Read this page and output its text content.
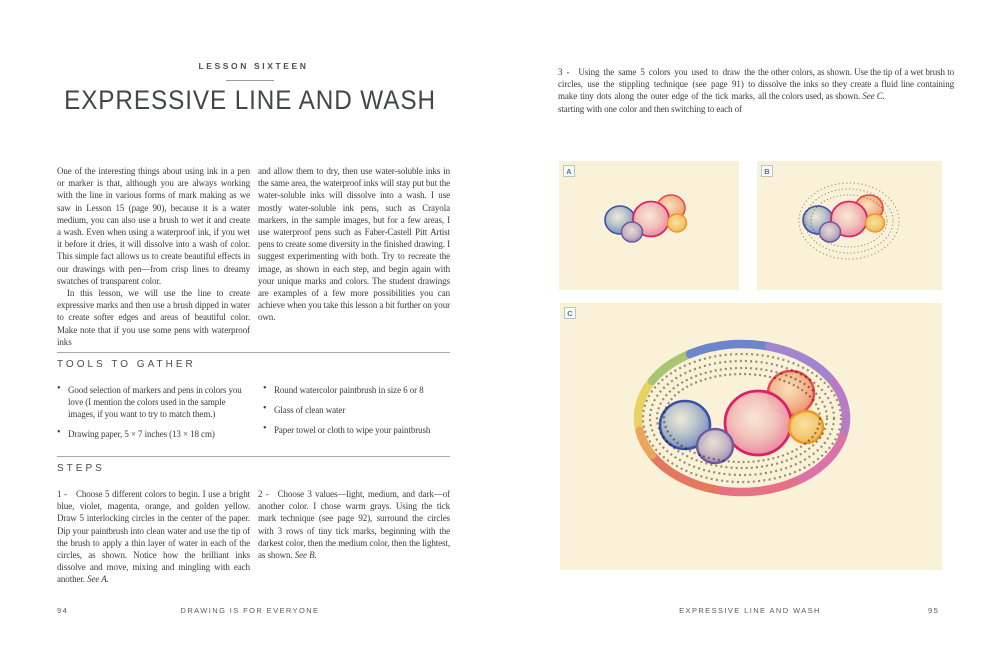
LESSON SIXTEEN
EXPRESSIVE LINE AND WASH

One of the interesting things about using ink in a pen or marker is that, although you are always working with the line in various forms of mark making as we saw in Lesson 15 (page 90), because it is a water medium, you can also use a brush to wet it and create a wash. Even when using a waterproof ink, if you wet it before it dries, it will dissolve into a wash of color. This simple fact allows us to create beautiful effects in our drawings with pen—from crisp lines to dreamy swatches of transparent color.

In this lesson, we will use the line to create expressive marks and then use a brush dipped in water to create softer edges and areas of beautiful color. Make note that if you use some pens with waterproof inks

and allow them to dry, then use water-soluble inks in the same area, the waterproof inks will stay put but the water-soluble inks will dissolve into a wash. I use mostly water-soluble ink pens, such as Crayola markers, in the sample images, but for a few areas, I use waterproof pens such as Faber-Castell Pitt Artist pens to create some diversity in the finished drawing. I suggest experimenting with both. Try to recreate the image, as shown in each step, and begin again with your unique marks and colors. The student drawings are examples of a few more possibilities you can achieve when you take this lesson a bit further on your own.

TOOLS TO GATHER
• Good selection of markers and pens in colors you love (I mention the colors used in the sample images, if you want to try to match them.)
• Drawing paper, 5 × 7 inches (13 × 18 cm)
• Round watercolor paintbrush in size 6 or 8
• Glass of clean water
• Paper towel or cloth to wipe your paintbrush
STEPS

1 - Choose 5 different colors to begin. I use a bright blue, violet, magenta, orange, and golden yellow. Draw 5 interlocking circles in the center of the paper. Dip your paintbrush into clean water and use the tip of the brush to apply a thin layer of water in each of the circles, as shown. Notice how the brilliant inks dissolve and move, mixing and mingling with each another. See A.

2 - Choose 3 values—light, medium, and dark—of another color. I chose warm grays. Using the tick mark technique (see page 92), surround the circles with 3 rows of tiny tick marks, beginning with the darkest color, then the medium color, then the lightest, as shown. See B.

3 - Using the same 5 colors you used to draw the circles, use the stippling technique (see page 91) to make tiny dots along the outer edge of the tick marks, starting with one color and then switching to each of

the other colors, as shown. Use the tip of a wet brush to dissolve the inks so they create a fluid line containing all the colors used, as shown. See C.

A	B
C
94	DRAWING IS FOR EVERYONE	EXPRESSIVE LINE AND WASH	95
